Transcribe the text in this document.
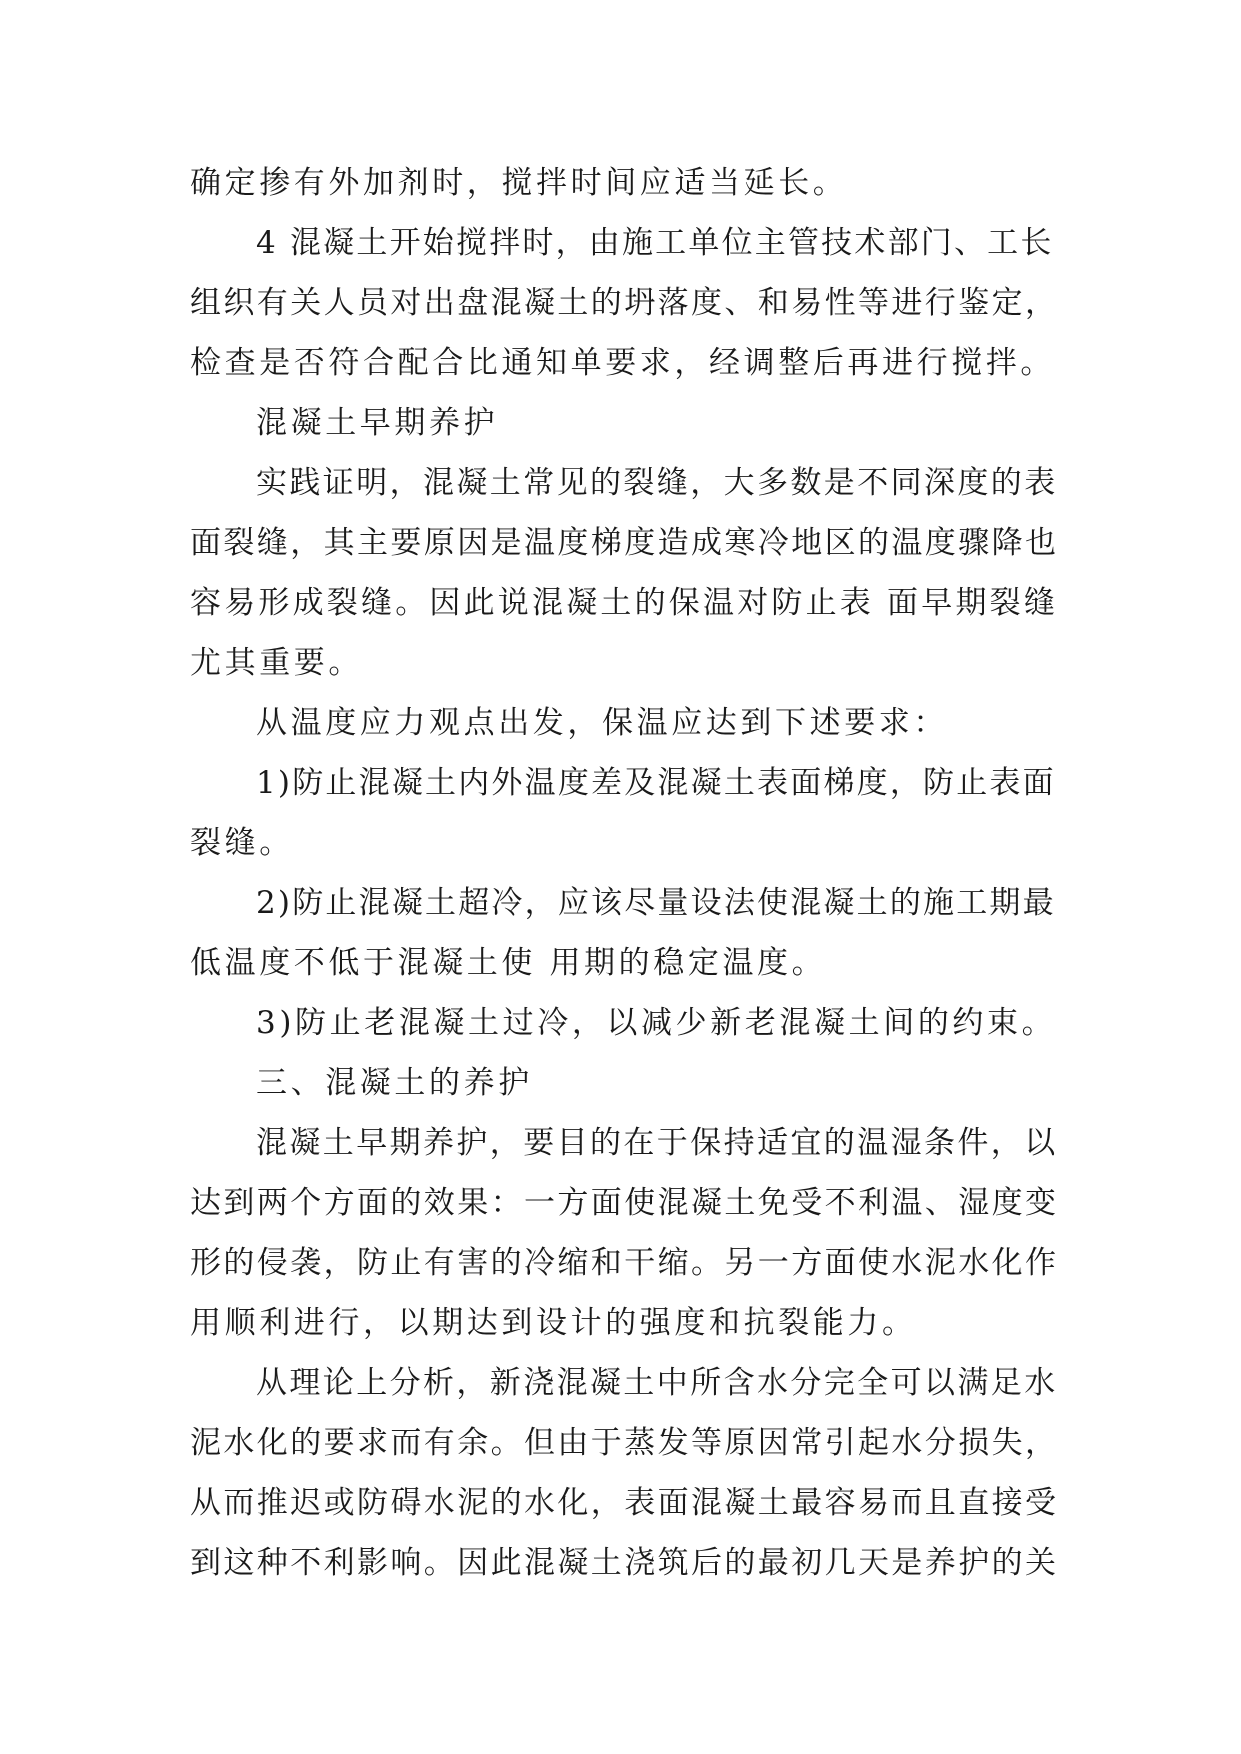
确定掺有外加剂时，搅拌时间应适当延长。
4 混凝土开始搅拌时，由施工单位主管技术部门、工长
组织有关人员对出盘混凝土的坍落度、和易性等进行鉴定，
检查是否符合配合比通知单要求，经调整后再进行搅拌。
混凝土早期养护
实践证明，混凝土常见的裂缝，大多数是不同深度的表
面裂缝，其主要原因是温度梯度造成寒冷地区的温度骤降也
容易形成裂缝。因此说混凝土的保温对防止表 面早期裂缝
尤其重要。
从温度应力观点出发，保温应达到下述要求：
1)防止混凝土内外温度差及混凝土表面梯度，防止表面
裂缝。
2)防止混凝土超冷，应该尽量设法使混凝土的施工期最
低温度不低于混凝土使 用期的稳定温度。
3)防止老混凝土过冷，以减少新老混凝土间的约束。
三、混凝土的养护
混凝土早期养护，要目的在于保持适宜的温湿条件，以
达到两个方面的效果：一方面使混凝土免受不利温、湿度变
形的侵袭，防止有害的冷缩和干缩。另一方面使水泥水化作
用顺利进行，以期达到设计的强度和抗裂能力。
从理论上分析，新浇混凝土中所含水分完全可以满足水
泥水化的要求而有余。但由于蒸发等原因常引起水分损失，
从而推迟或防碍水泥的水化，表面混凝土最容易而且直接受
到这种不利影响。因此混凝土浇筑后的最初几天是养护的关
